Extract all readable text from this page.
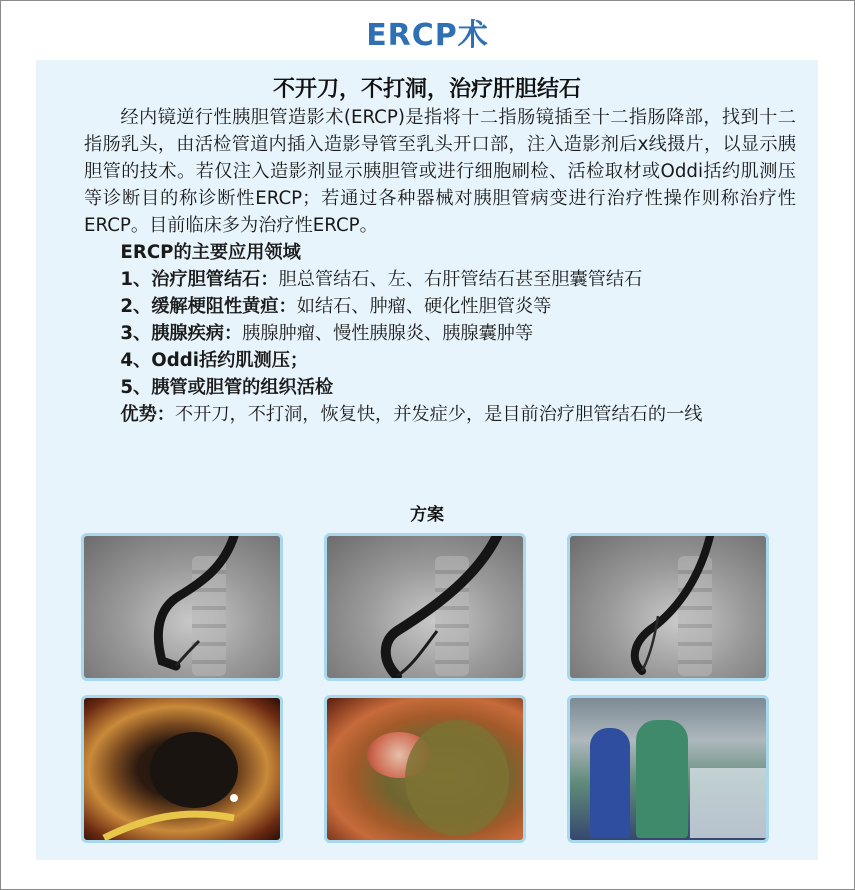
ERCP术
不开刀，不打洞，治疗肝胆结石

经内镜逆行性胰胆管造影术(ERCP)是指将十二指肠镜插至十二指肠降部，找到十二指肠乳头，由活检管道内插入造影导管至乳头开口部，注入造影剂后x线摄片，以显示胰胆管的技术。若仅注入造影剂显示胰胆管或进行细胞刷检、活检取材或Oddi括约肌测压等诊断目的称诊断性ERCP；若通过各种器械对胰胆管病变进行治疗性操作则称治疗性ERCP。目前临床多为治疗性ERCP。

ERCP的主要应用领域

1、治疗胆管结石：胆总管结石、左、右肝管结石甚至胆囊管结石

2、缓解梗阻性黄疸：如结石、肿瘤、硬化性胆管炎等

3、胰腺疾病：胰腺肿瘤、慢性胰腺炎、胰腺囊肿等

4、Oddi括约肌测压；

5、胰管或胆管的组织活检

优势：不开刀，不打洞，恢复快，并发症少，是目前治疗胆管结石的一线

方案
